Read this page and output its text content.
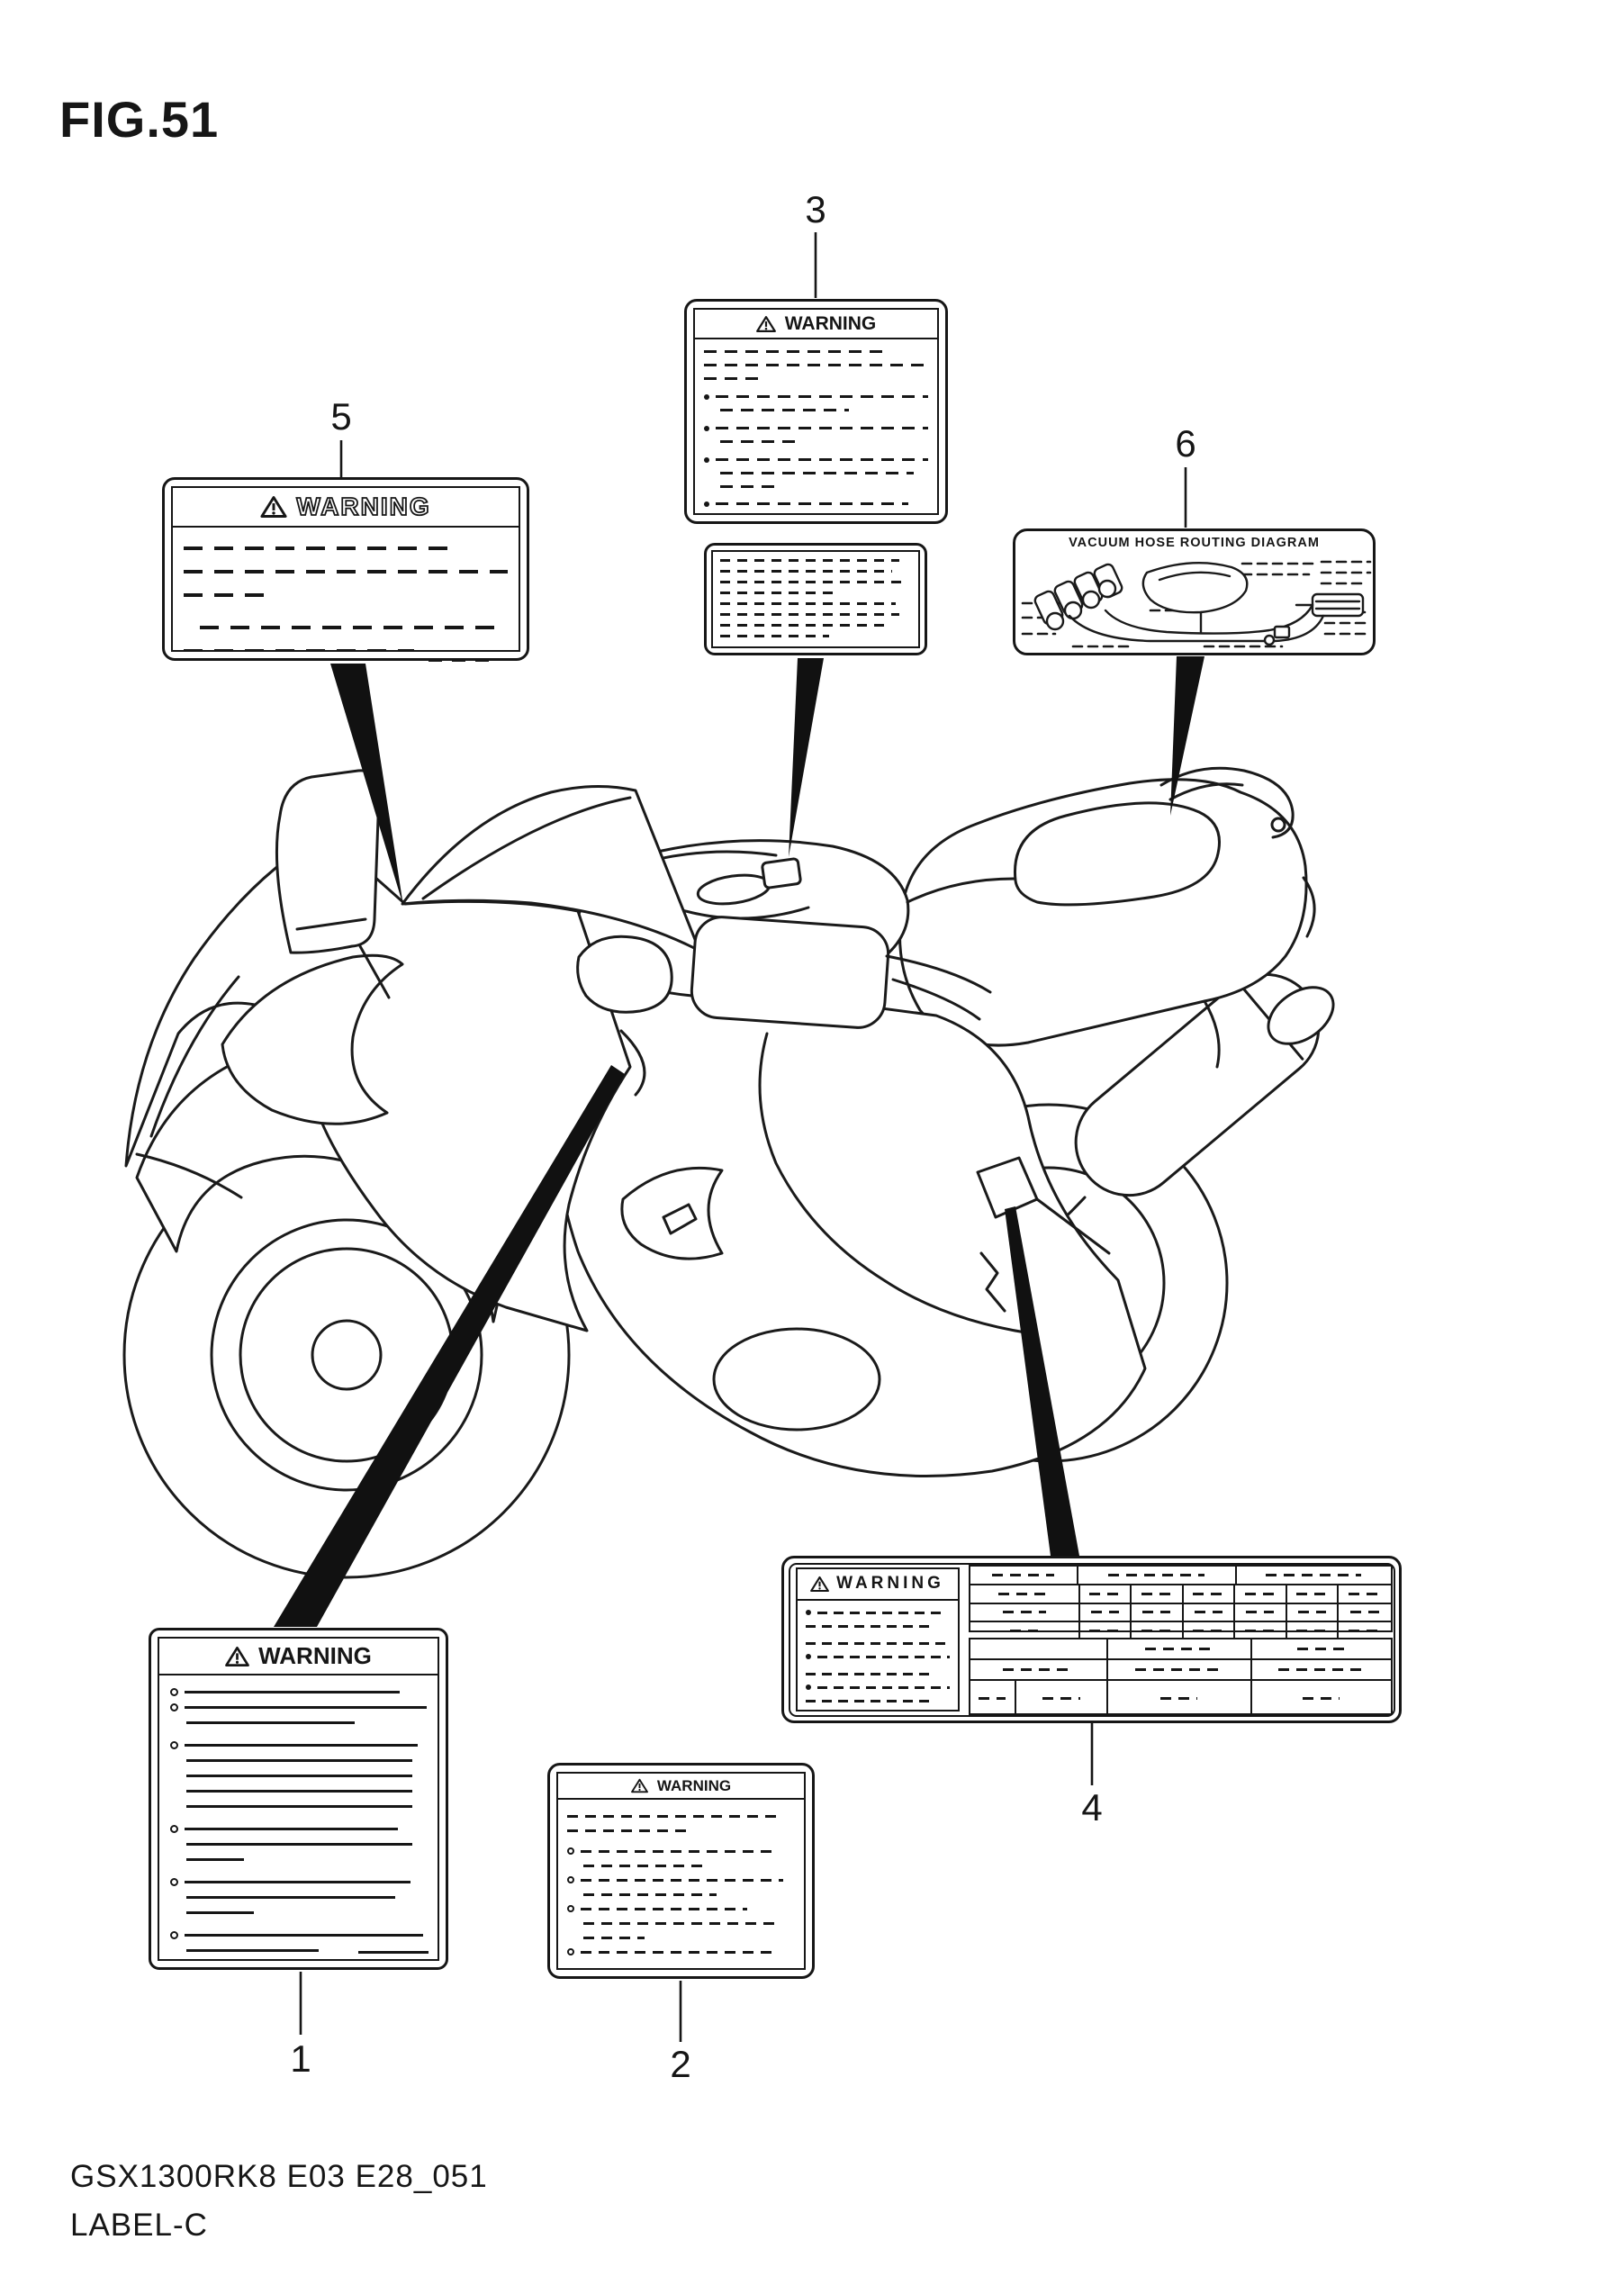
FIG.51
1	2
3
4
5
6
WARNING
WARNING
VACUUM HOSE ROUTING DIAGRAM
WARNING
WARNING
WARNING
GSX1300RK8 E03 E28_051
LABEL-C
